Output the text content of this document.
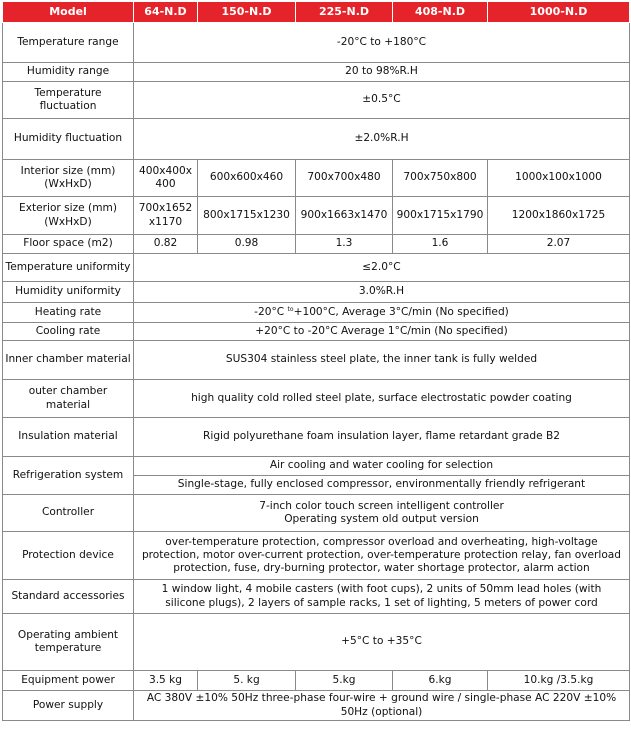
Model	64-N.D	150-N.D	225-N.D	408-N.D	1000-N.D
Temperature range	-20°C to +180°C				
Humidity range	20 to 98%R.H				
Temperature fluctuation	±0.5°C				
Humidity fluctuation	±2.0%R.H				
Interior size (mm) (WxHxD)	400x400x400	600x600x460	700x700x480	700x750x800	1000x100x1000
Exterior size (mm) (WxHxD)	700x1652x1170	800x1715x1230	900x1663x1470	900x1715x1790	1200x1860x1725
Floor space (m2)	0.82	0.98	1.3	1.6	2.07
Temperature uniformity	≤2.0°C				
Humidity uniformity	3.0%R.H				
Heating rate	-20°C $^{to}$+100°C, Average 3°C/min (No specified)				
Cooling rate	+20°C to -20°C Average 1°C/min (No specified)				
Inner chamber material	SUS304 stainless steel plate, the inner tank is fully welded				
outer chamber material	high quality cold rolled steel plate, surface electrostatic powder coating				
Insulation material	Rigid polyurethane foam insulation layer, flame retardant grade B2				
Refrigeration system	Air cooling and water cooling for selection				
	Single-stage, fully enclosed compressor, environmentally friendly refrigerant				
Controller	7-inch color touch screen intelligent controller
Operating system old output version				

Protection device	over-temperature protection, compressor overload and overheating, high-voltage protection, motor over-current protection, over-temperature protection relay, fan overload protection, fuse, dry-burning protector, water shortage protector, alarm action				
Standard accessories	1 window light, 4 mobile casters (with foot cups), 2 units of 50mm lead holes (with silicone plugs), 2 layers of sample racks, 1 set of lighting, 5 meters of power cord				
Operating ambient temperature	+5°C to +35°C				
Equipment power	3.5 kg	5. kg	5.kg	6.kg	10.kg /3.5.kg
Power supply	AC 380V ±10% 50Hz three-phase four-wire + ground wire / single-phase AC 220V ±10% 50Hz (optional)				
